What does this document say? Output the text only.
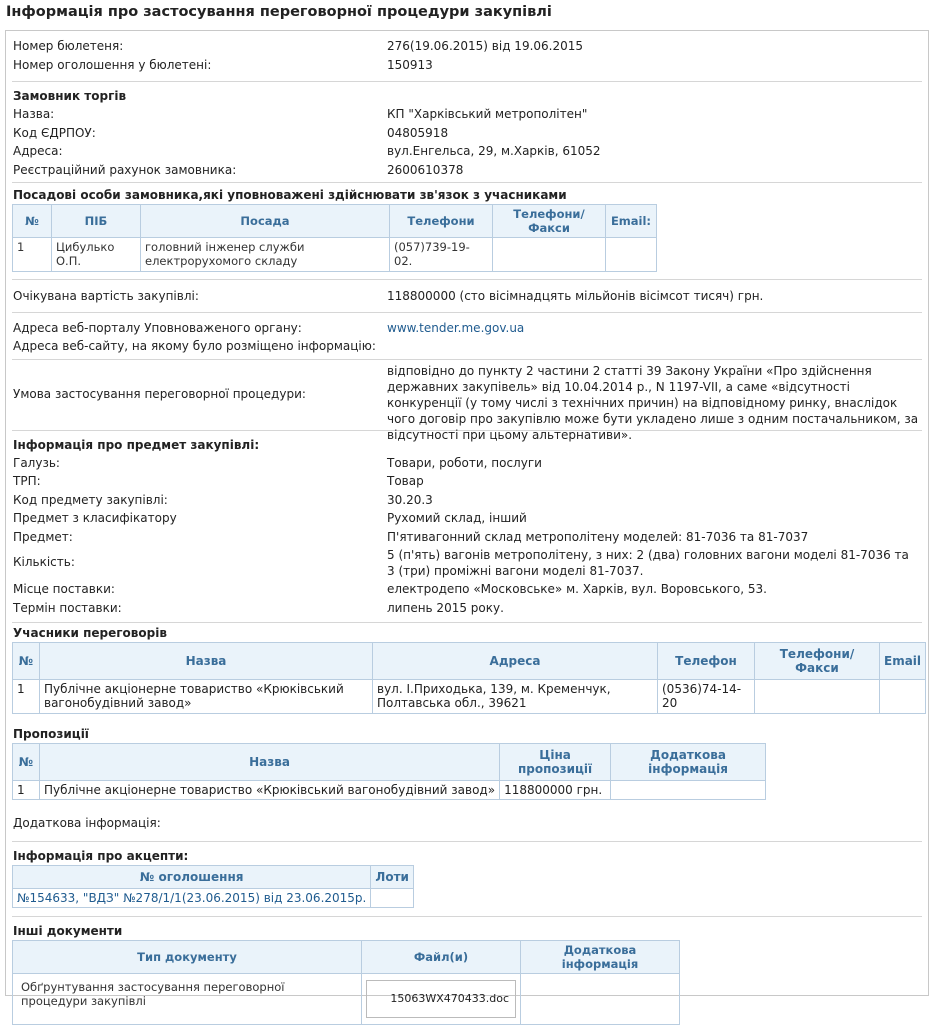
Інформація про застосування переговорної процедури закупівлі
Номер бюлетеня:	276(19.06.2015) від 19.06.2015
Номер оголошення у бюлетені:	150913
Замовник торгів
Назва:	КП "Харківський метрополітен"
Код ЄДРПОУ:	04805918
Адреса:	вул.Енгельса, 29, м.Харків, 61052
Реєстраційний рахунок замовника:	2600610378
Посадові особи замовника,які уповноважені здійснювати зв'язок з учасниками
№	ПІБ	Посада	Телефони	Телефони/Факси	Email:
1	Цибулько О.П.	головний інженер служби електрорухомого складу	(057)739-19-02.		
Очікувана вартість закупівлі:	118800000 (сто вісімнадцять мільйонів вісімсот тисяч) грн.
Адреса веб-порталу Уповноваженого органу:	www.tender.me.gov.ua
Адреса веб-сайту, на якому було розміщено інформацію:
Умова застосування переговорної процедури:
відповідно до пункту 2 частини 2 статті 39 Закону України «Про здійснення державних закупівель» від 10.04.2014 р., N 1197-VII, а саме «відсутності конкуренції (у тому числі з технічних причин) на відповідному ринку, внаслідок чого договір про закупівлю може бути укладено лише з одним постачальником, за відсутності при цьому альтернативи».
Інформація про предмет закупівлі:
Галузь:	Товари, роботи, послуги
ТРП:	Товар
Код предмету закупівлі:	30.20.3
Предмет з класифікатору	Рухомий склад, інший
Предмет:	П'ятивагонний склад метрополітену моделей: 81-7036 та 81-7037
Кількість:	5 (п'ять) вагонів метрополітену, з них: 2 (два) головних вагони моделі 81-7036 та 3 (три) проміжні вагони моделі 81-7037.
Місце поставки:	електродепо «Московське» м. Харків, вул. Воровського, 53.
Термін поставки:	липень 2015 року.
Учасники переговорів
№	Назва	Адреса	Телефон	Телефони/Факси	Email
1	Публічне акціонерне товариство «Крюківський вагонобудівний завод»	вул. І.Приходька, 139, м. Кременчук, Полтавська обл., 39621	(0536)74-14-20		
Пропозиції
№	Назва	Ціна пропозиції	Додаткова інформація
1	Публічне акціонерне товариство «Крюківський вагонобудівний завод»	118800000 грн.	
Додаткова інформація:
Інформація про акцепти:
№ оголошення	Лоти
№154633, "ВДЗ" №278/1/1(23.06.2015) від 23.06.2015р.	
Інші документи
Тип документу	Файл(и)	Додаткова інформація
Обґрунтування застосування переговорної процедури закупівлі	15063WX470433.doc	
